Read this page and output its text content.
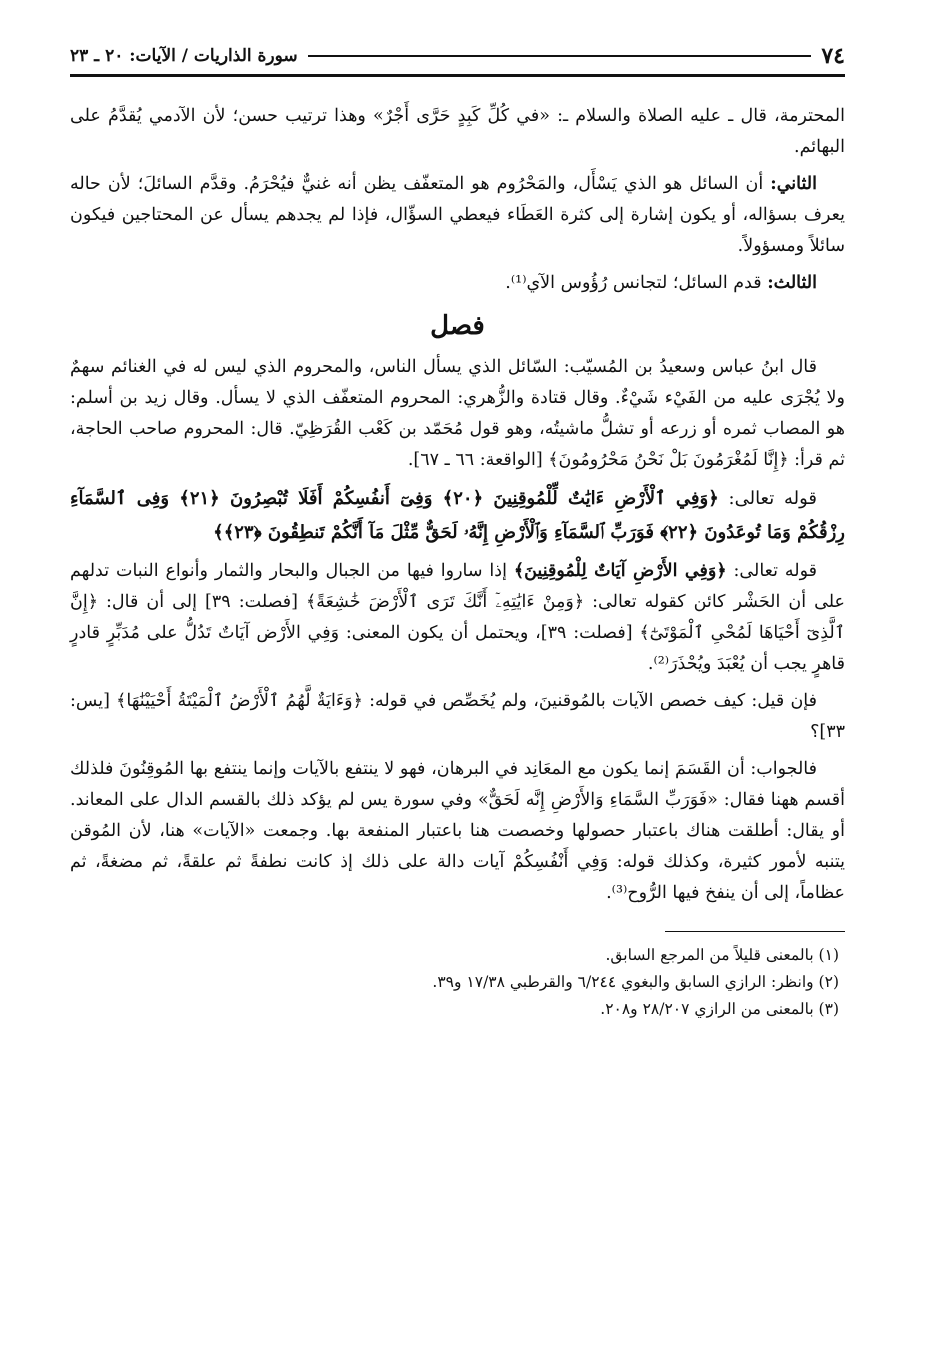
٧٤
سورة الذاريات / الآيات: ٢٠ ـ ٢٣

المحترمة، قال ـ عليه الصلاة والسلام ـ: «في كُلِّ كَبِدٍ حَرَّى أَجْرٌ» وهذا ترتيب حسن؛ لأن الآدمي يُقدَّمُ على البهائم.

الثاني: أن السائل هو الذي يَسْأَل، والمَحْرُوم هو المتعفّف يظن أنه غنيٌّ فيُحْرَمُ. وقدَّم السائلَ؛ لأن حاله يعرف بسؤاله، أو يكون إشارة إلى كثرة العَطَاء فيعطي السؤّال، فإذا لم يجدهم يسأل عن المحتاجين فيكون سائلاً ومسؤولاً.

الثالث: قدم السائل؛ لتجانس رُؤُوس الآي⁽¹⁾.

فصل

قال ابنُ عباس وسعيدُ بن المُسيّب: السّائل الذي يسأل الناس، والمحروم الذي ليس له في الغنائم سهمٌ ولا يُجْرَى عليه من الفَيْء شَيْءٌ. وقال قتادة والزُّهري: المحروم المتعفّف الذي لا يسأل. وقال زيد بن أسلم: هو المصاب ثمره أو زرعه أو تشلُّ ماشيتُه، وهو قول مُحَمّد بن كَعْب القُرَظِيّ. قال: المحروم صاحب الحاجة، ثم قرأ: ﴿إِنَّا لَمُغْرَمُونَ بَلْ نَحْنُ مَحْرُومُونَ﴾ [الواقعة: ٦٦ ـ ٦٧].

قوله تعالى: ﴿وَفِي ٱلْأَرْضِ ءَايَٰتٌ لِّلْمُوقِنِينَ ﴿٢٠﴾ وَفِىٓ أَنفُسِكُمْ أَفَلَا تُبْصِرُونَ ﴿٢١﴾ وَفِى ٱلسَّمَآءِ رِزْقُكُمْ وَمَا تُوعَدُونَ ﴿٢٢﴾ فَوَرَبِّ ٱلسَّمَآءِ وَٱلْأَرْضِ إِنَّهُۥ لَحَقٌّ مِّثْلَ مَآ أَنَّكُمْ تَنطِقُونَ ﴿٢٣﴾﴾

قوله تعالى: ﴿وَفِي الأَرْضِ آيَاتٌ لِلْمُوقِنِينَ﴾ إذا ساروا فيها من الجبال والبحار والثمار وأنواع النبات تدلهم على أن الحَشْر كائن كقوله تعالى: ﴿وَمِنْ ءَايَٰتِهِۦٓ أَنَّكَ تَرَى ٱلْأَرْضَ خَٰشِعَةً﴾ [فصلت: ٣٩] إلى أن قال: ﴿إِنَّ ٱلَّذِىٓ أَحْيَاهَا لَمُحْىِ ٱلْمَوْتَىٰٓ﴾ [فصلت: ٣٩]، ويحتمل أن يكون المعنى: وَفِي الأَرْض آيَاتٌ تَدُلُّ على مُدَبِّرٍ قادرٍ قاهرٍ يجب أن يُعْبَدَ ويُحْذَرَ⁽²⁾.

فإن قيل: كيف خصص الآيات بالمُوقنينَ، ولم يُخَصِّص في قوله: ﴿وَءَايَةٌ لَّهُمُ ٱلْأَرْضُ ٱلْمَيْتَةُ أَحْيَيْنَٰهَا﴾ [يس: ٣٣]؟

فالجواب: أن القَسَمَ إنما يكون مع المعَانِد في البرهان، فهو لا ينتفع بالآيات وإنما ينتفع بها المُوقِنُونَ فلذلك أقسم ههنا فقال: «فَوَرَبِّ السَّمَاءِ وَالأَرْضِ إِنَّه لَحَقٌّ» وفي سورة يس لم يؤكد ذلك بالقسم الدال على المعاند. أو يقال: أطلقت هناك باعتبار حصولها وخصصت هنا باعتبار المنفعة بها. وجمعت «الآيات» هنا، لأن المُوقن يتنبه لأمور كثيرة، وكذلك قوله: وَفِي أَنْفُسِكُمْ آيات دالة على ذلك إذ كانت نطفةً ثم علقةً، ثم مضغةً، ثم عظاماً، إلى أن ينفخ فيها الرُّوح⁽³⁾.

(١) بالمعنى قليلاً من المرجع السابق.

(٢) وانظر: الرازي السابق والبغوي ٦/٢٤٤ والقرطبي ١٧/٣٨ و٣٩.

(٣) بالمعنى من الرازي ٢٨/٢٠٧ و٢٠٨.
